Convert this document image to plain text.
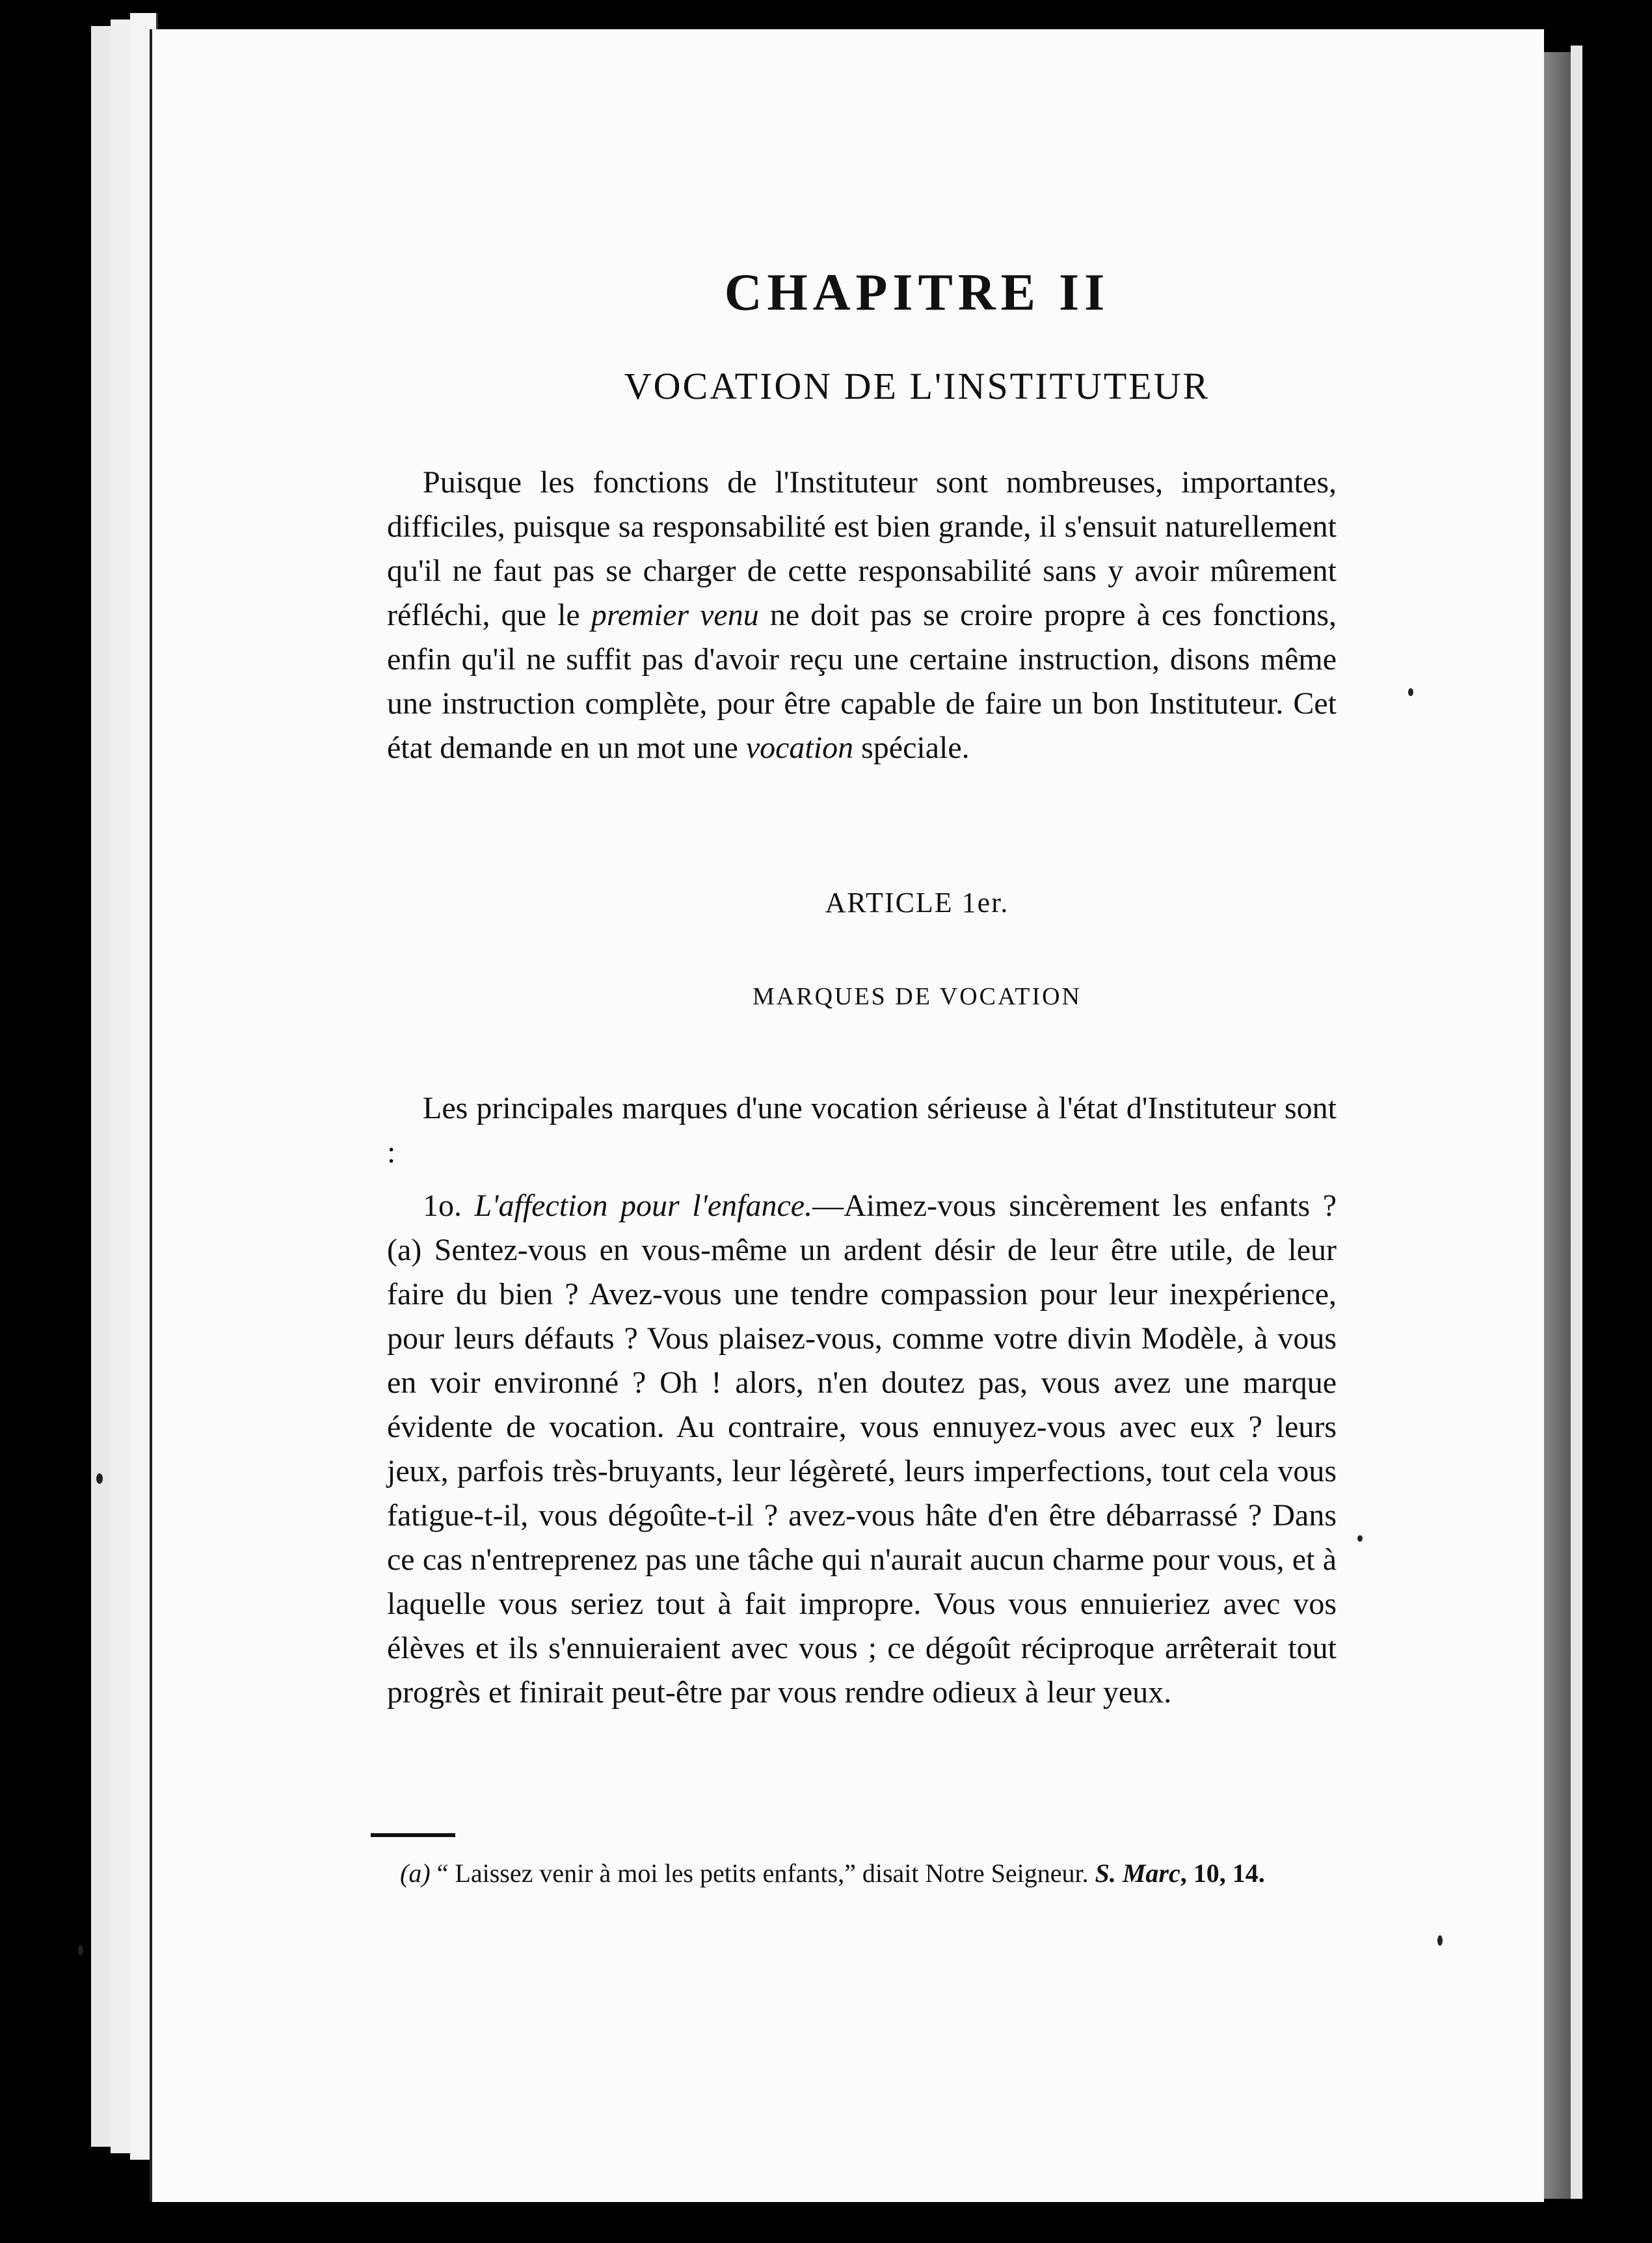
CHAPITRE II
VOCATION DE L'INSTITUTEUR
Puisque les fonctions de l'Instituteur sont nombreuses, importantes, difficiles, puisque sa responsabilité est bien grande, il s'ensuit naturellement qu'il ne faut pas se charger de cette responsabilité sans y avoir mûrement réfléchi, que le premier venu ne doit pas se croire propre à ces fonctions, enfin qu'il ne suffit pas d'avoir reçu une certaine instruction, disons même une instruction complète, pour être capable de faire un bon Instituteur. Cet état demande en un mot une vocation spéciale.
ARTICLE 1er.
MARQUES DE VOCATION
Les principales marques d'une vocation sérieuse à l'état d'Instituteur sont :
1o. L'affection pour l'enfance.—Aimez-vous sincèrement les enfants ? (a) Sentez-vous en vous-même un ardent désir de leur être utile, de leur faire du bien ? Avez-vous une tendre compassion pour leur inexpérience, pour leurs défauts ? Vous plaisez-vous, comme votre divin Modèle, à vous en voir environné ? Oh ! alors, n'en doutez pas, vous avez une marque évidente de vocation. Au contraire, vous ennuyez-vous avec eux ? leurs jeux, parfois très-bruyants, leur légèreté, leurs imperfections, tout cela vous fatigue-t-il, vous dégoûte-t-il ? avez-vous hâte d'en être débarrassé ? Dans ce cas n'entreprenez pas une tâche qui n'aurait aucun charme pour vous, et à laquelle vous seriez tout à fait impropre. Vous vous ennuieriez avec vos élèves et ils s'ennuieraient avec vous ; ce dégoût réciproque arrêterait tout progrès et finirait peut-être par vous rendre odieux à leur yeux.
(a) “ Laissez venir à moi les petits enfants,” disait Notre Seigneur. S. Marc, 10, 14.
